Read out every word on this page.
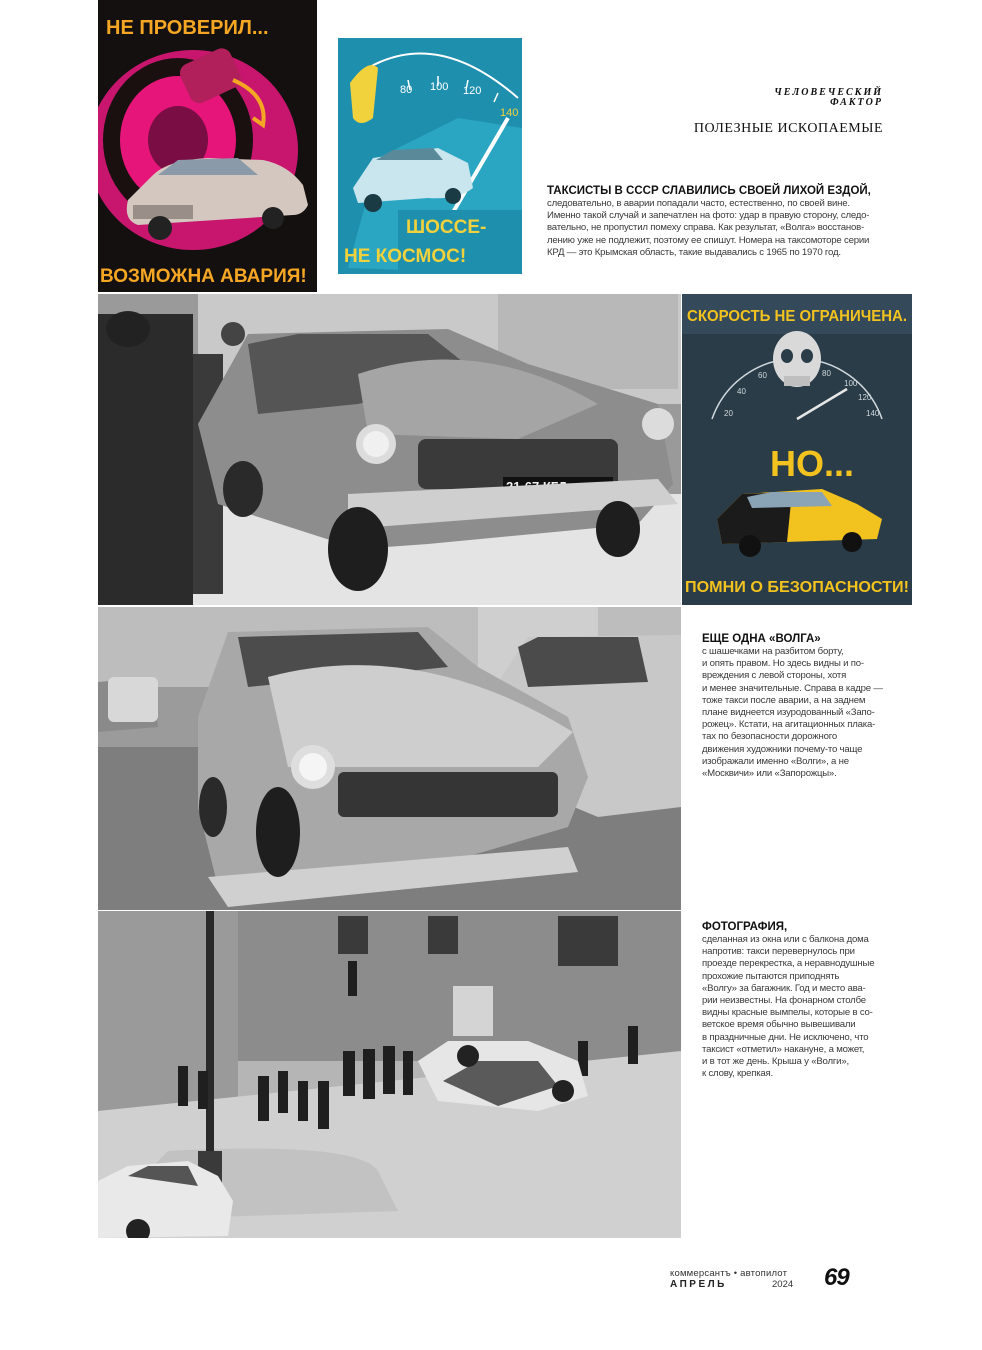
НЕ ПРОВЕРИЛ...
ВОЗМОЖНА АВАРИЯ!
80 100 120
140
ШОССЕ-
НЕ КОСМОС!
ЧЕЛОВЕЧЕСКИЙ
ФАКТОР
ПОЛЕЗНЫЕ ИСКОПАЕМЫЕ
ТАКСИСТЫ В СССР СЛАВИЛИСЬ СВОЕЙ ЛИХОЙ ЕЗДОЙ,
следовательно, в аварии попадали часто, естественно, по своей вине.
Именно такой случай и запечатлен на фото: удар в правую сторону, следо-
вательно, не пропустил помеху справа. Как результат, «Волга» восстанов-
лению уже не подлежит, поэтому ее спишут. Номера на таксомоторе серии
КРД — это Крымская область, такие выдавались с 1965 по 1970 год.
20
40
60	80
100
120
140
СКОРОСТЬ НЕ ОГРАНИЧЕНА.
НО...
ПОМНИ О БЕЗОПАСНОСТИ!
ЕЩЕ ОДНА «ВОЛГА»
с шашечками на разбитом борту,
и опять правом. Но здесь видны и по-
вреждения с левой стороны, хотя
и менее значительные. Справа в кадре —
тоже такси после аварии, а на заднем
плане виднеется изуродованный «Запо-
рожец». Кстати, на агитационных плака-
тах по безопасности дорожного
движения художники почему-то чаще
изображали именно «Волги», а не
«Москвичи» или «Запорожцы».
ФОТОГРАФИЯ,
сделанная из окна или с балкона дома
напротив: такси перевернулось при
проезде перекрестка, а неравнодушные
прохожие пытаются приподнять
«Волгу» за багажник. Год и место ава-
рии неизвестны. На фонарном столбе
видны красные вымпелы, которые в со-
ветское время обычно вывешивали
в праздничные дни. Не исключено, что
таксист «отметил» накануне, а может,
и в тот же день. Крыша у «Волги»,
к слову, крепкая.
коммерсантъ • автопилот
АПРЕЛЬ	2024 69
